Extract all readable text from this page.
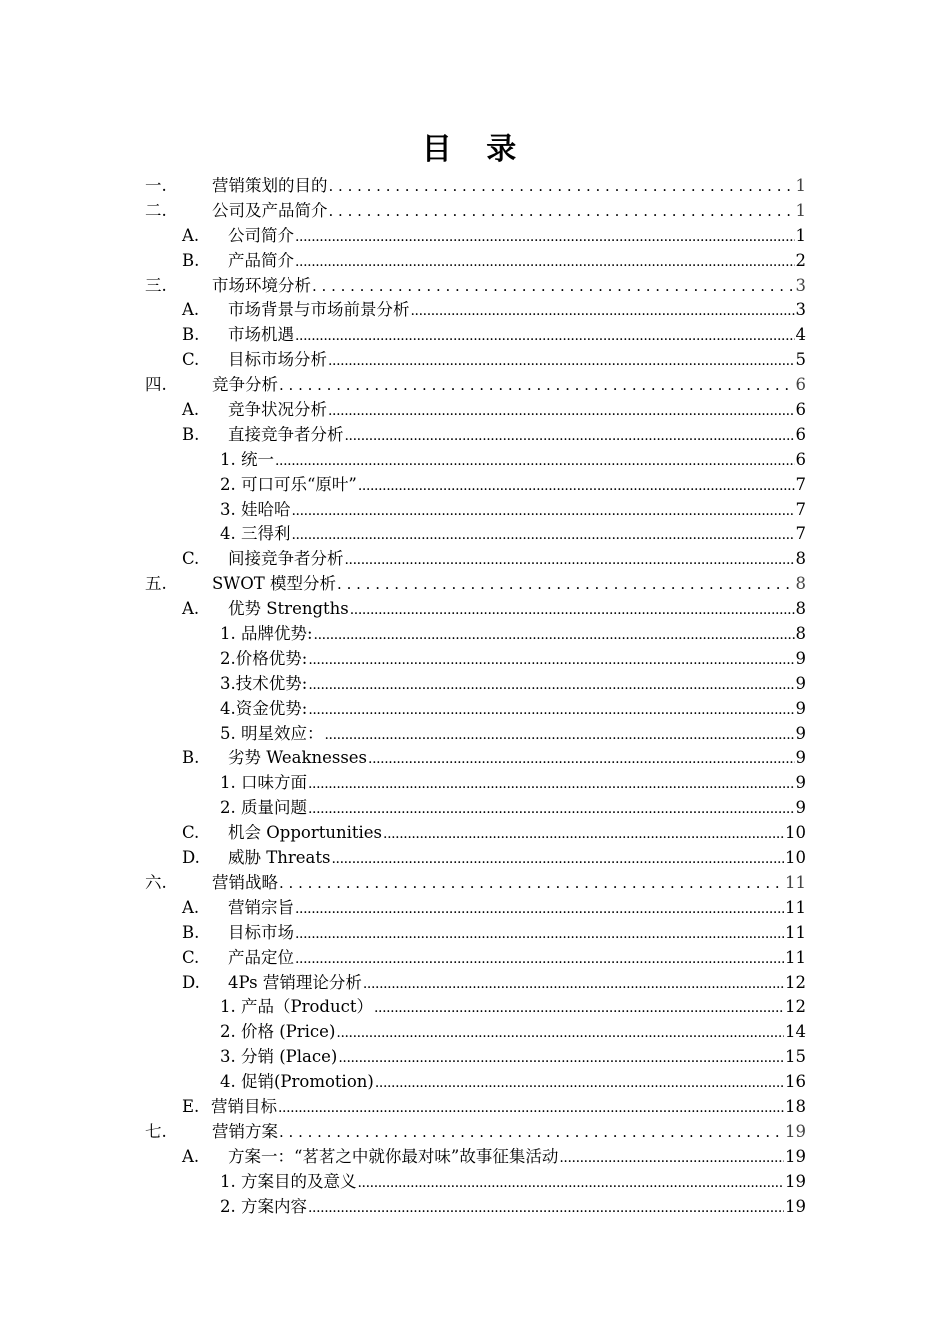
目 录
一.	营销策划的目的 . . .	1
二.	公司及产品简介 . . .	1
A. 公司简介 .....	1
B. 产品简介 .....	2
三.	市场环境分析 . . .	3
A. 市场背景与市场前景分析 .....	3
B. 市场机遇 .....	4
C. 目标市场分析 .....	5
四.	竞争分析 . . .	6
A. 竞争状况分析 .....	6
B. 直接竞争者分析 .....	6
1. 统一 .....	6
2. 可口可乐“原叶” .....	7
3. 娃哈哈 .....	7
4. 三得利 .....	7
C. 间接竞争者分析 .....	8
五.	SWOT 模型分析 . . .	8
A. 优势 Strengths .....	8
1. 品牌优势: .....	8
2.价格优势: .....	9
3.技术优势: .....	9
4.资金优势: .....	9
5. 明星效应： .....	9
B. 劣势 Weaknesses .....	9
1. 口味方面 .....	9
2. 质量问题 .....	9
C. 机会 Opportunities .....	10
D. 威胁 Threats .....	10
六.	营销战略 . . .	11
A. 营销宗旨 .....	11
B. 目标市场 .....	11
C. 产品定位 .....	11
D. 4Ps 营销理论分析 .....	12
1. 产品（Product） .....	12
2. 价格 (Price) .....	14
3. 分销 (Place) .....	15
4. 促销(Promotion) .....	16
E. 营销目标 .....	18
七.	营销方案 . . .	19
A. 方案一：“茗茗之中就你最对味”故事征集活动 .....	19
1. 方案目的及意义 .....	19
2. 方案内容 .....	19
